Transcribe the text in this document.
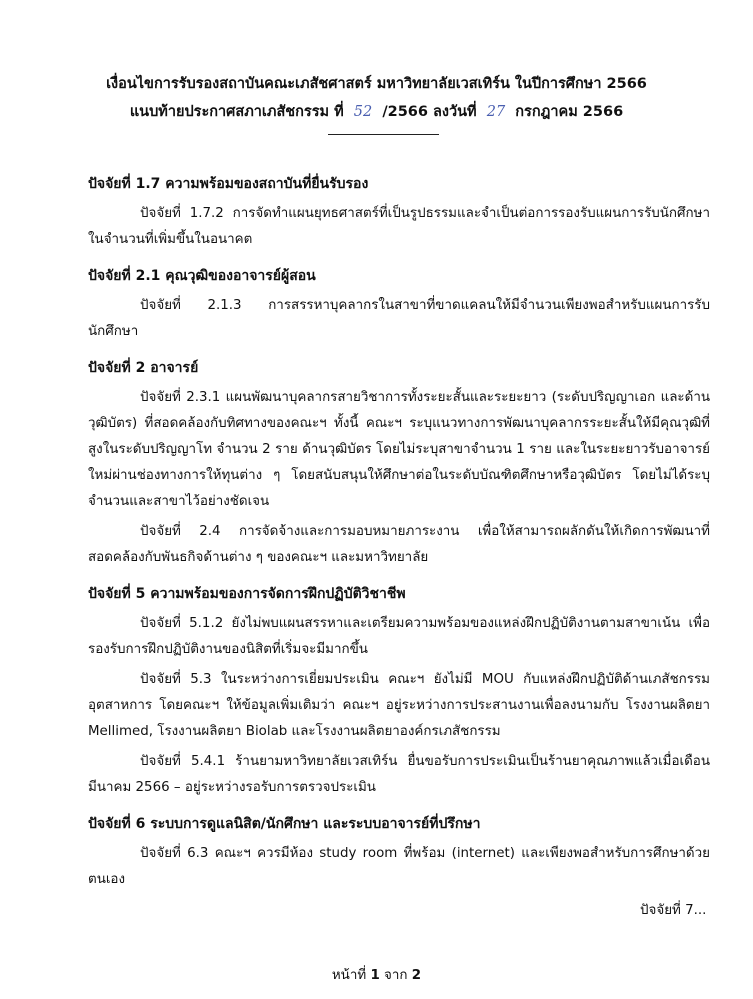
เงื่อนไขการรับรองสถาบันคณะเภสัชศาสตร์ มหาวิทยาลัยเวสเทิร์น ในปีการศึกษา 2566
แนบท้ายประกาศสภาเภสัชกรรม ที่ 52 /2566 ลงวันที่ 27 กรกฎาคม 2566
ปัจจัยที่ 1.7 ความพร้อมของสถาบันที่ยื่นรับรอง

ปัจจัยที่ 1.7.2 การจัดทำแผนยุทธศาสตร์ที่เป็นรูปธรรมและจำเป็นต่อการรองรับแผนการรับนักศึกษาในจำนวนที่เพิ่มขึ้นในอนาคต

ปัจจัยที่ 2.1 คุณวุฒิของอาจารย์ผู้สอน

ปัจจัยที่ 2.1.3 การสรรหาบุคลากรในสาขาที่ขาดแคลนให้มีจำนวนเพียงพอสำหรับแผนการรับนักศึกษา

ปัจจัยที่ 2 อาจารย์

ปัจจัยที่ 2.3.1 แผนพัฒนาบุคลากรสายวิชาการทั้งระยะสั้นและระยะยาว (ระดับปริญญาเอก และด้านวุฒิบัตร) ที่สอดคล้องกับทิศทางของคณะฯ ทั้งนี้ คณะฯ ระบุแนวทางการพัฒนาบุคลากรระยะสั้นให้มีคุณวุฒิที่สูงในระดับปริญญาโท จำนวน 2 ราย ด้านวุฒิบัตร โดยไม่ระบุสาขาจำนวน 1 ราย และในระยะยาวรับอาจารย์ใหม่ผ่านช่องทางการให้ทุนต่าง ๆ โดยสนับสนุนให้ศึกษาต่อในระดับบัณฑิตศึกษาหรือวุฒิบัตร โดยไม่ได้ระบุจำนวนและสาขาไว้อย่างชัดเจน

ปัจจัยที่ 2.4 การจัดจ้างและการมอบหมายภาระงาน เพื่อให้สามารถผลักดันให้เกิดการพัฒนาที่สอดคล้องกับพันธกิจด้านต่าง ๆ ของคณะฯ และมหาวิทยาลัย

ปัจจัยที่ 5 ความพร้อมของการจัดการฝึกปฏิบัติวิชาชีพ

ปัจจัยที่ 5.1.2 ยังไม่พบแผนสรรหาและเตรียมความพร้อมของแหล่งฝึกปฏิบัติงานตามสาขาเน้น เพื่อรองรับการฝึกปฏิบัติงานของนิสิตที่เริ่มจะมีมากขึ้น

ปัจจัยที่ 5.3 ในระหว่างการเยี่ยมประเมิน คณะฯ ยังไม่มี MOU กับแหล่งฝึกปฏิบัติด้านเภสัชกรรมอุตสาหการ โดยคณะฯ ให้ข้อมูลเพิ่มเติมว่า คณะฯ อยู่ระหว่างการประสานงานเพื่อลงนามกับ โรงงานผลิตยา Mellimed, โรงงานผลิตยา Biolab และโรงงานผลิตยาองค์กรเภสัชกรรม

ปัจจัยที่ 5.4.1 ร้านยามหาวิทยาลัยเวสเทิร์น ยื่นขอรับการประเมินเป็นร้านยาคุณภาพแล้วเมื่อเดือนมีนาคม 2566 – อยู่ระหว่างรอรับการตรวจประเมิน

ปัจจัยที่ 6 ระบบการดูแลนิสิต/นักศึกษา และระบบอาจารย์ที่ปรึกษา

ปัจจัยที่ 6.3 คณะฯ ควรมีห้อง study room ที่พร้อม (internet) และเพียงพอสำหรับการศึกษาด้วยตนเอง

ปัจจัยที่ 7...
หน้าที่ 1 จาก 2
